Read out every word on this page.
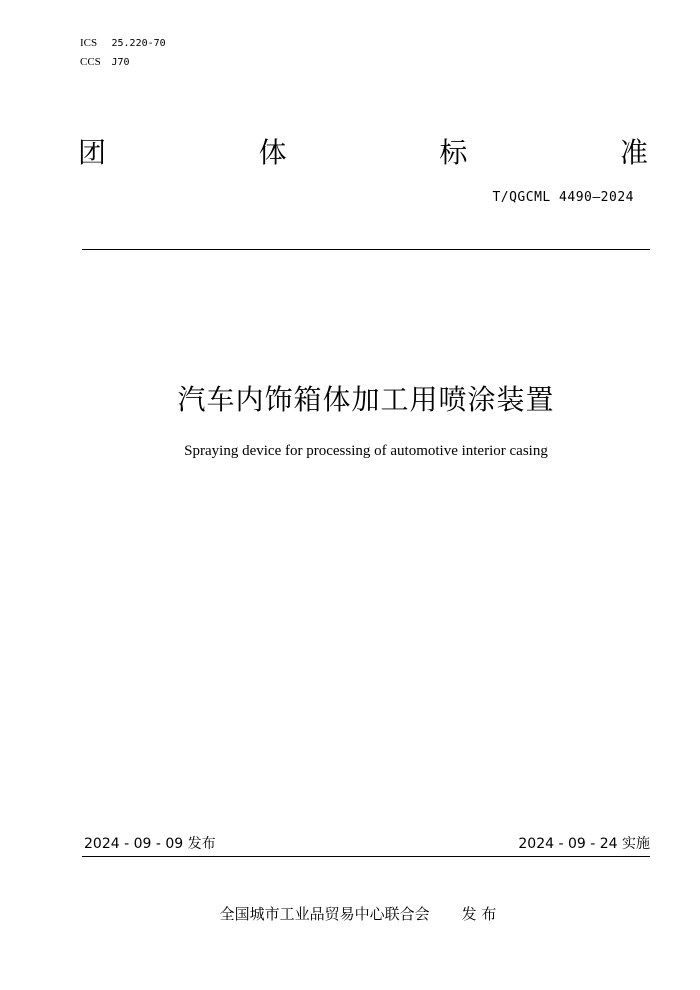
ICS 25.220-70
CCS J70
团	体	标	准
T/QGCML 4490—2024
汽车内饰箱体加工用喷涂装置
Spraying device for processing of automotive interior casing
2024 - 09 - 09 发布	2024 - 09 - 24 实施
全国城市工业品贸易中心联合会 发 布
